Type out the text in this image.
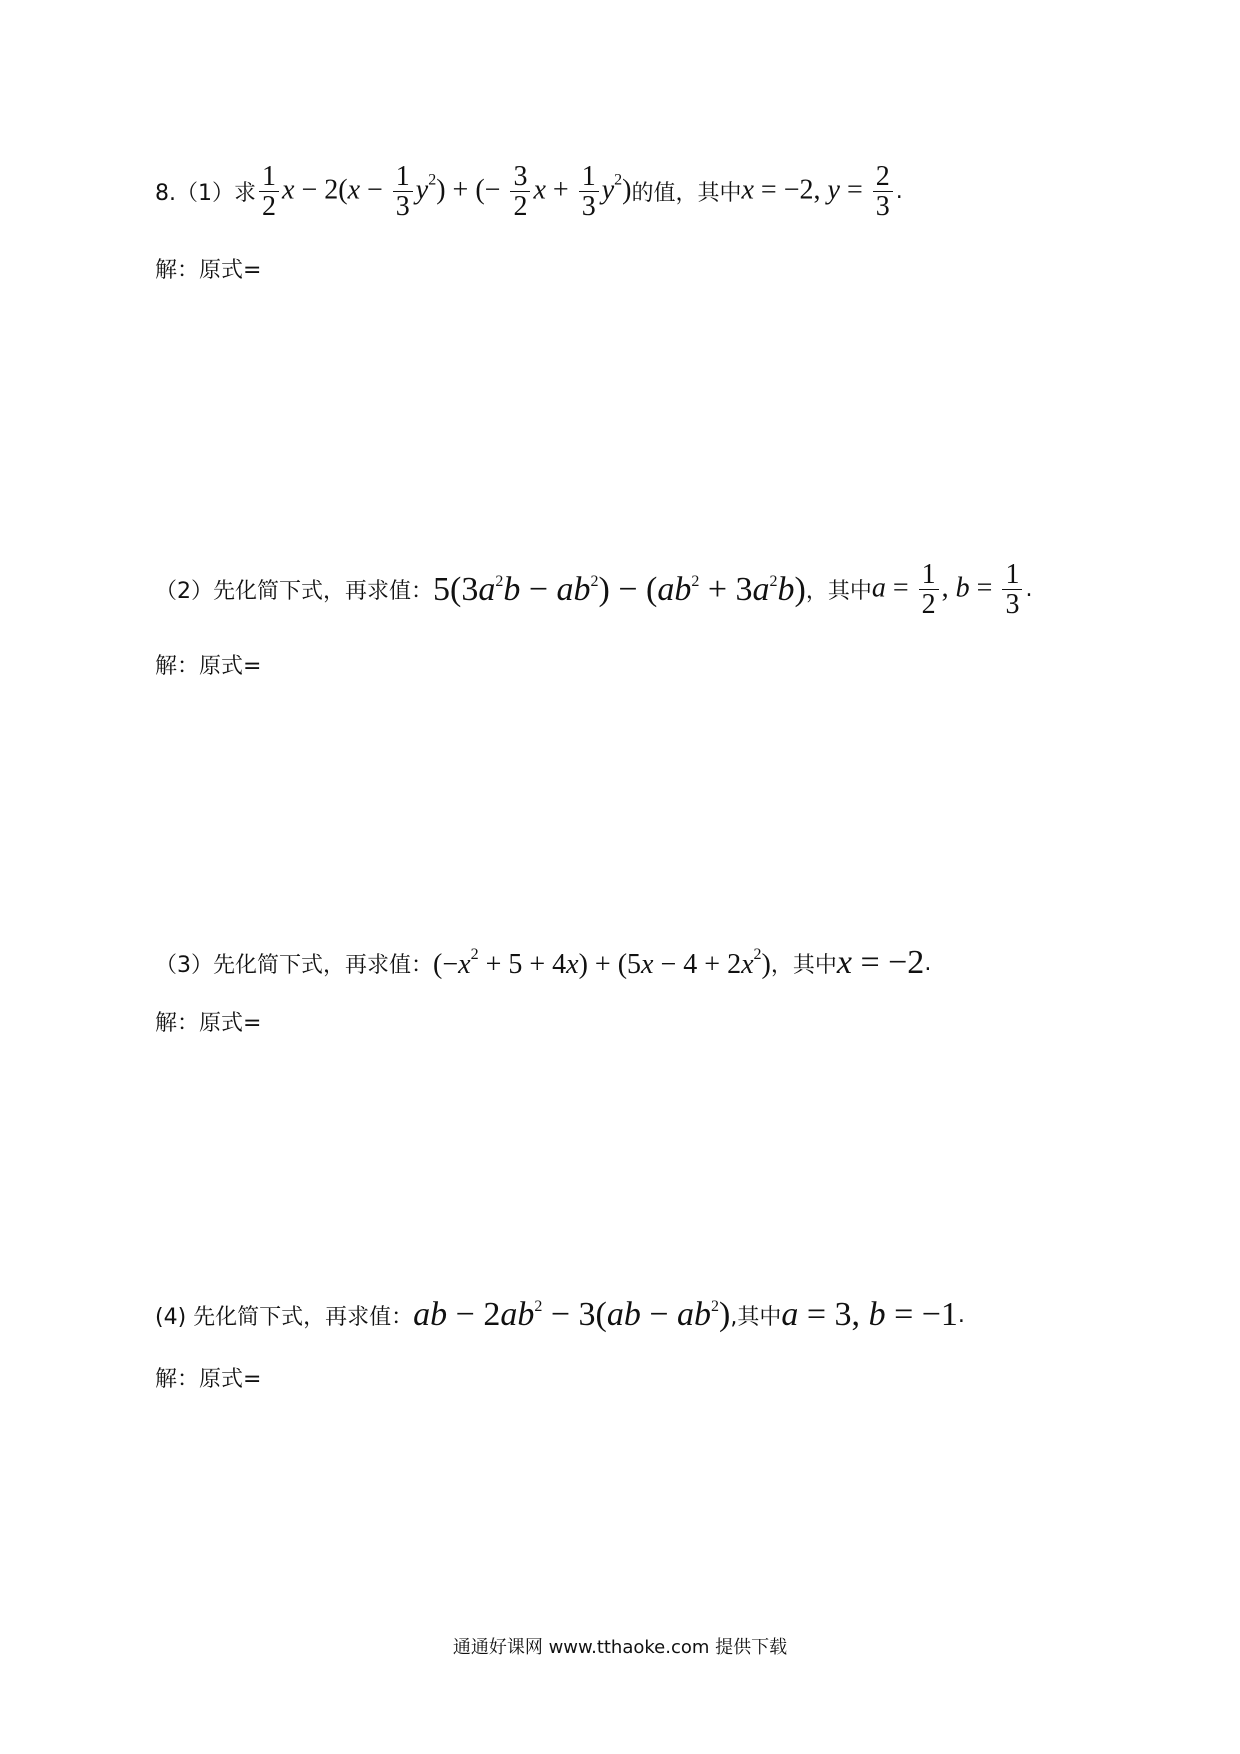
8.（1）求 $\frac{1}{2}$ $x - 2(x - \frac{1}{3} y^2)$ + (− $\frac{3}{2}$ $x + \frac{1}{3} y^2$) 的值，其中 x = −2, $y = \frac{2}{3}$ .
解：原式=
（2）先化简下式，再求值： $5(3a^2b - ab^2) - (ab^2 + 3a^2b)$ ，其中 $a = \frac{1}{2}$ , $b = \frac{1}{3}$ .
解：原式=
（3）先化简下式，再求值： $(-x^2 + 5 + 4x) + (5x - 4 + 2x^2)$ ，其中 x = −2 .
解：原式=
(4) 先化简下式，再求值： ab − $2ab^2 - 3(ab - ab^2)$ ,其中 a = 3, b = −1 .
解：原式=
通通好课网 www.tthaoke.com 提供下载
